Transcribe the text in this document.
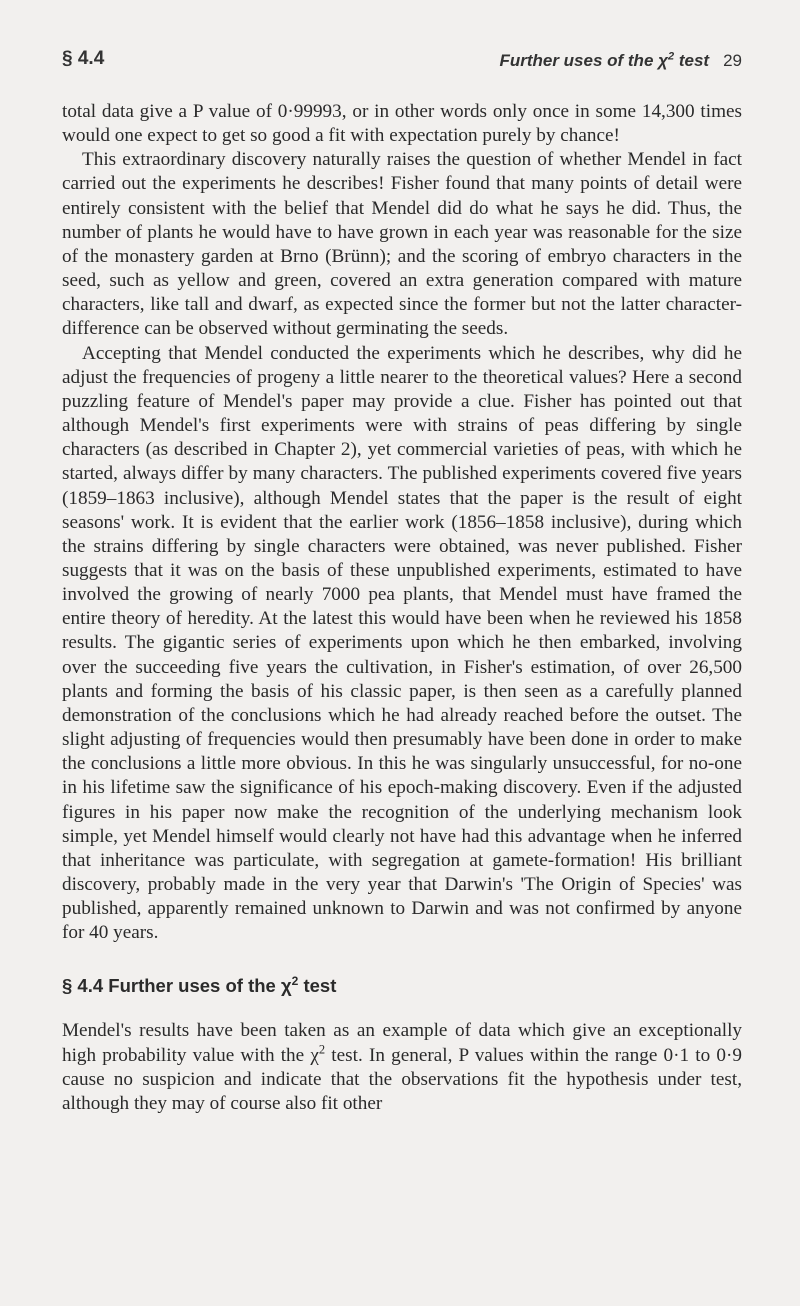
§ 4.4	Further uses of the $\chi^2$ test 29

total data give a P value of 0·99993, or in other words only once in some 14,300 times would one expect to get so good a fit with expectation purely by chance!

This extraordinary discovery naturally raises the question of whether Mendel in fact carried out the experiments he describes! Fisher found that many points of detail were entirely consistent with the belief that Mendel did do what he says he did. Thus, the number of plants he would have to have grown in each year was reasonable for the size of the monastery garden at Brno (Brünn); and the scoring of embryo characters in the seed, such as yellow and green, covered an extra generation compared with mature characters, like tall and dwarf, as expected since the former but not the latter character-difference can be observed without germinating the seeds.

Accepting that Mendel conducted the experiments which he describes, why did he adjust the frequencies of progeny a little nearer to the theoretical values? Here a second puzzling feature of Mendel's paper may provide a clue. Fisher has pointed out that although Mendel's first experiments were with strains of peas differing by single characters (as described in Chapter 2), yet commercial varieties of peas, with which he started, always differ by many characters. The published experiments covered five years (1859–1863 inclusive), although Mendel states that the paper is the result of eight seasons' work. It is evident that the earlier work (1856–1858 inclusive), during which the strains differing by single characters were obtained, was never published. Fisher suggests that it was on the basis of these unpublished experiments, estimated to have involved the growing of nearly 7000 pea plants, that Mendel must have framed the entire theory of heredity. At the latest this would have been when he reviewed his 1858 results. The gigantic series of experiments upon which he then embarked, involving over the succeeding five years the cultivation, in Fisher's estimation, of over 26,500 plants and forming the basis of his classic paper, is then seen as a carefully planned demonstration of the conclusions which he had already reached before the outset. The slight adjusting of frequencies would then presumably have been done in order to make the conclusions a little more obvious. In this he was singularly unsuccessful, for no-one in his lifetime saw the significance of his epoch-making discovery. Even if the adjusted figures in his paper now make the recognition of the underlying mechanism look simple, yet Mendel himself would clearly not have had this advantage when he inferred that inheritance was particulate, with segregation at gamete-formation! His brilliant discovery, probably made in the very year that Darwin's 'The Origin of Species' was published, apparently remained unknown to Darwin and was not confirmed by anyone for 40 years.

§ 4.4 Further uses of the $\chi^2$ test

Mendel's results have been taken as an example of data which give an exceptionally high probability value with the $\chi^2$ test. In general, P values within the range 0·1 to 0·9 cause no suspicion and indicate that the observations fit the hypothesis under test, although they may of course also fit other
